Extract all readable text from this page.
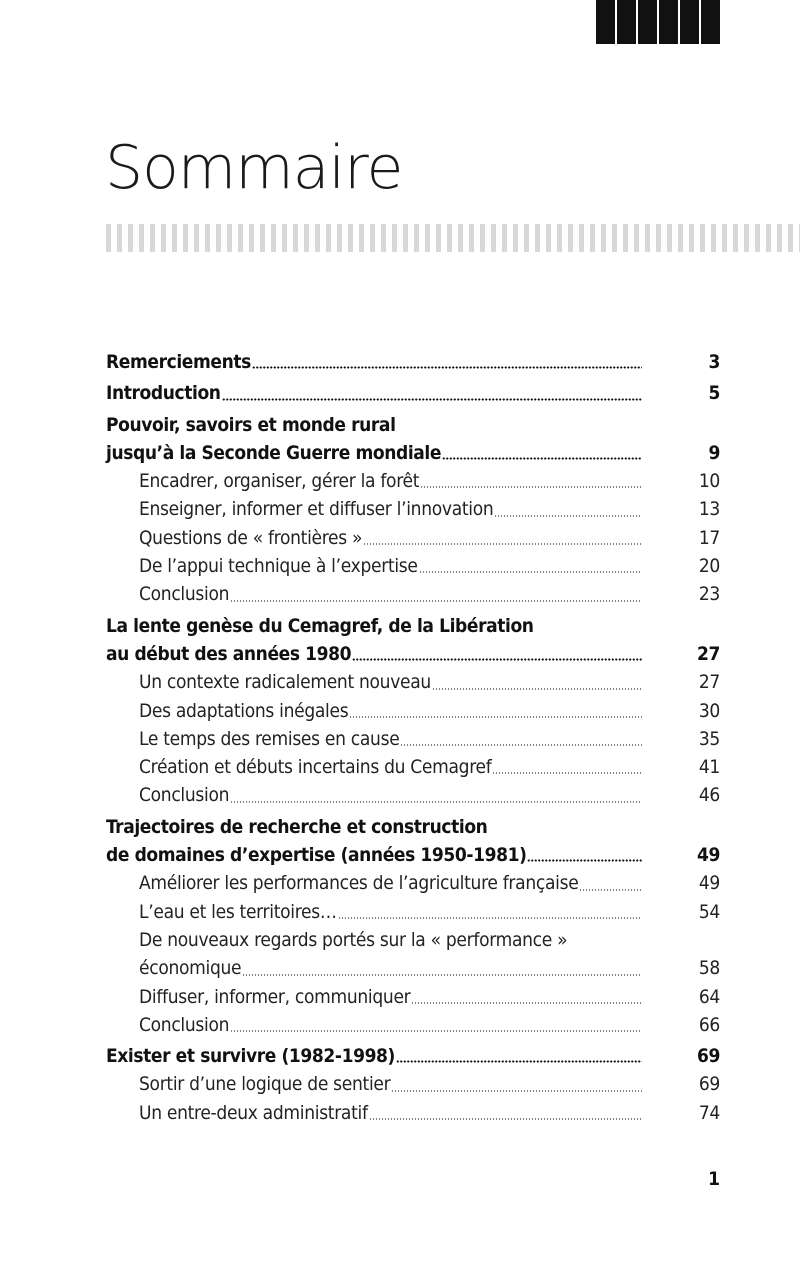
Sommaire
Remerciements	3
Introduction	5
Pouvoir, savoirs et monde rural
jusqu’à la Seconde Guerre mondiale	9
Encadrer, organiser, gérer la forêt	10
Enseigner, informer et diffuser l’innovation	13
Questions de « frontières »	17
De l’appui technique à l’expertise	20
Conclusion	23
La lente genèse du Cemagref, de la Libération
au début des années 1980	27
Un contexte radicalement nouveau	27
Des adaptations inégales	30
Le temps des remises en cause	35
Création et débuts incertains du Cemagref	41
Conclusion	46
Trajectoires de recherche et construction
de domaines d’expertise (années 1950-1981)	49
Améliorer les performances de l’agriculture française	49
L’eau et les territoires…	54
De nouveaux regards portés sur la « performance »
économique	58
Diffuser, informer, communiquer	64
Conclusion	66
Exister et survivre (1982-1998)	69
Sortir d’une logique de sentier	69
Un entre-deux administratif	74
1
